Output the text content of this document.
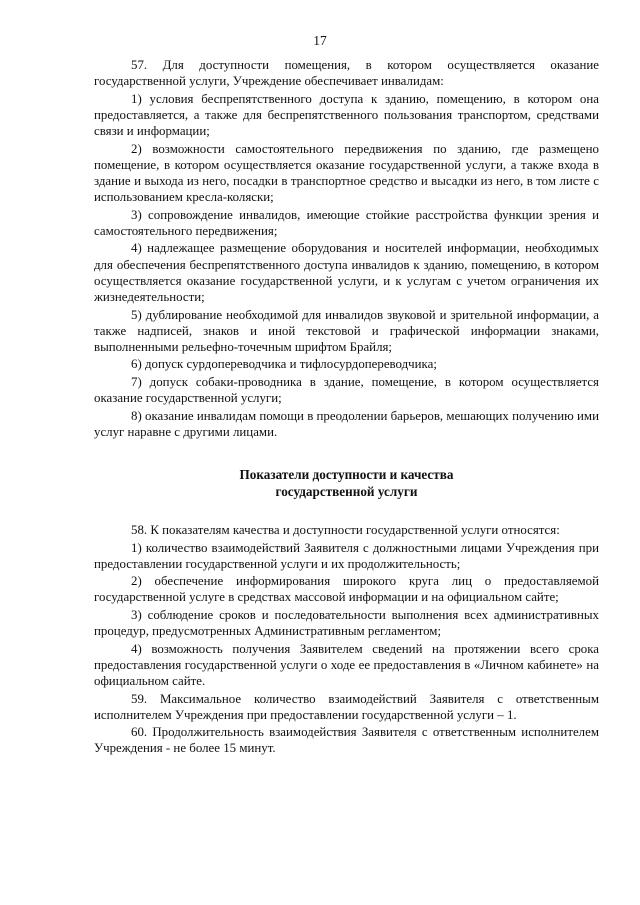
17

57. Для доступности помещения, в котором осуществляется оказание государственной услуги, Учреждение обеспечивает инвалидам:

1) условия беспрепятственного доступа к зданию, помещению, в котором она предоставляется, а также для беспрепятственного пользования транспортом, средствами связи и информации;

2) возможности самостоятельного передвижения по зданию, где размещено помещение, в котором осуществляется оказание государственной услуги, а также входа в здание и выхода из него, посадки в транспортное средство и высадки из него, в том листе с использованием кресла-коляски;

3) сопровождение инвалидов, имеющие стойкие расстройства функции зрения и самостоятельного передвижения;

4) надлежащее размещение оборудования и носителей информации, необходимых для обеспечения беспрепятственного доступа инвалидов к зданию, помещению, в котором осуществляется оказание государственной услуги, и к услугам с учетом ограничения их жизнедеятельности;

5) дублирование необходимой для инвалидов звуковой и зрительной информации, а также надписей, знаков и иной текстовой и графической информации знаками, выполненными рельефно-точечным шрифтом Брайля;

6) допуск сурдопереводчика и тифлосурдопереводчика;

7) допуск собаки-проводника в здание, помещение, в котором осуществляется оказание государственной услуги;

8) оказание инвалидам помощи в преодолении барьеров, мешающих получению ими услуг наравне с другими лицами.

Показатели доступности и качества
государственной услуги

58. К показателям качества и доступности государственной услуги относятся:

1) количество взаимодействий Заявителя с должностными лицами Учреждения при предоставлении государственной услуги и их продолжительность;

2) обеспечение информирования широкого круга лиц о предоставляемой государственной услуге в средствах массовой информации и на официальном сайте;

3) соблюдение сроков и последовательности выполнения всех административных процедур, предусмотренных Административным регламентом;

4) возможность получения Заявителем сведений на протяжении всего срока предоставления государственной услуги о ходе ее предоставления в «Личном кабинете» на официальном сайте.

59. Максимальное количество взаимодействий Заявителя с ответственным исполнителем Учреждения при предоставлении государственной услуги – 1.

60. Продолжительность взаимодействия Заявителя с ответственным исполнителем Учреждения - не более 15 минут.
